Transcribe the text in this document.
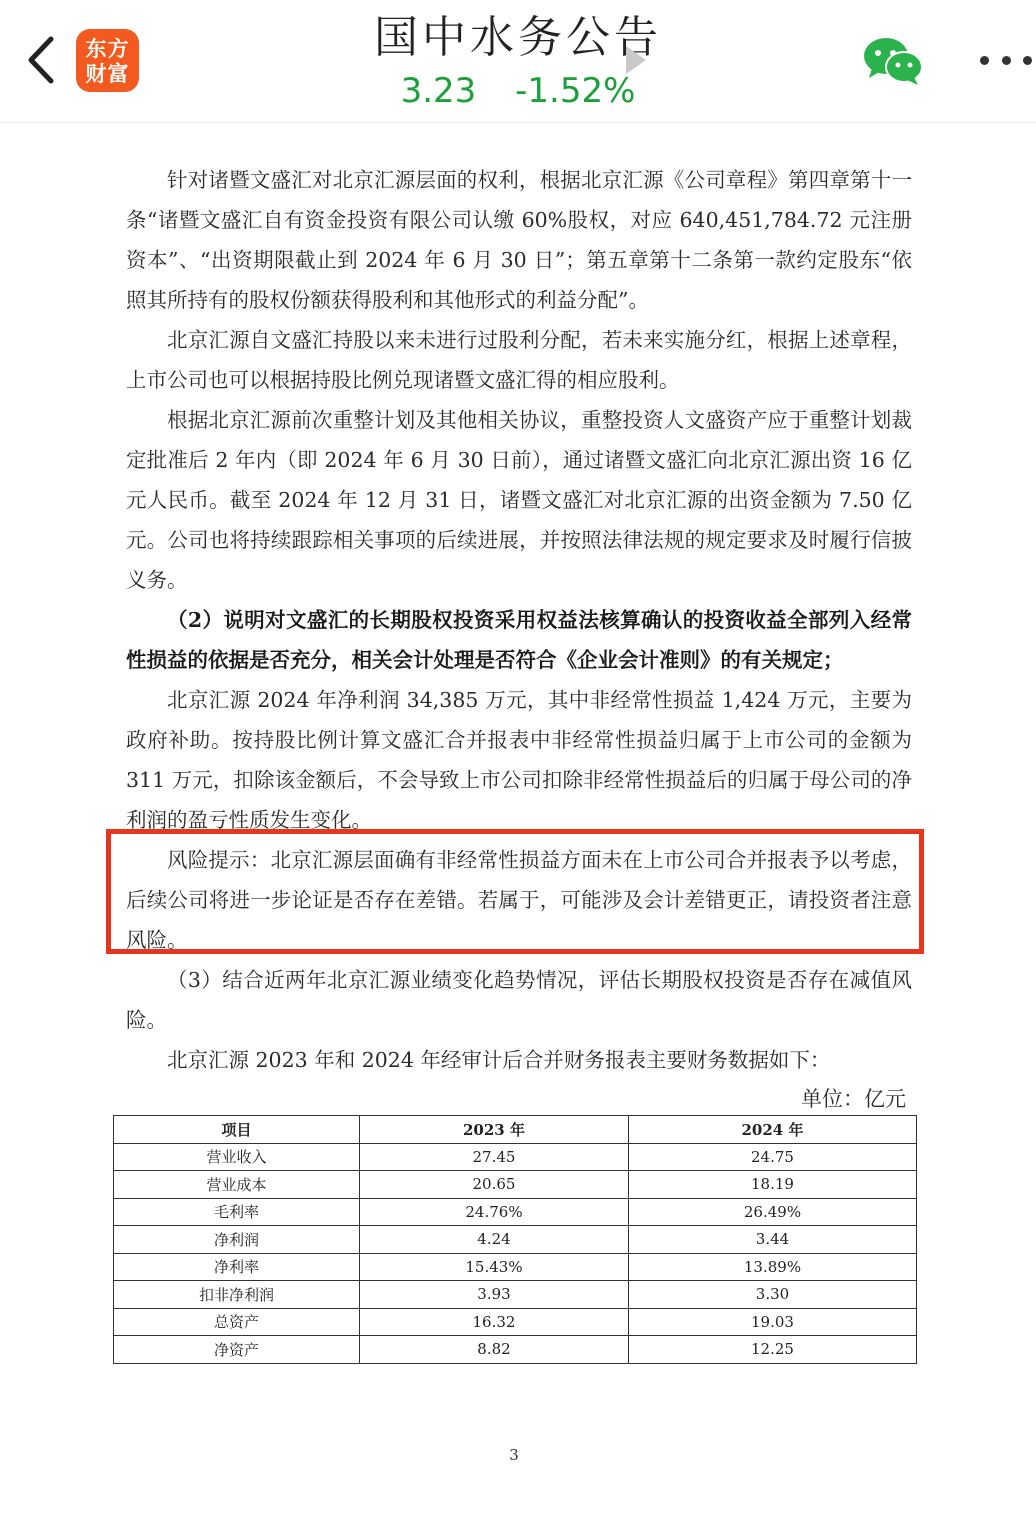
东方
财富
国中水务公告
3.23 -1.52%

针对诸暨文盛汇对北京汇源层面的权利，根据北京汇源《公司章程》第四章第十一条“诸暨文盛汇自有资金投资有限公司认缴 60%股权，对应 640,451,784.72 元注册资本”、“出资期限截止到 2024 年 6 月 30 日”；第五章第十二条第一款约定股东“依照其所持有的股权份额获得股利和其他形式的利益分配”。

北京汇源自文盛汇持股以来未进行过股利分配，若未来实施分红，根据上述章程，上市公司也可以根据持股比例兑现诸暨文盛汇得的相应股利。

根据北京汇源前次重整计划及其他相关协议，重整投资人文盛资产应于重整计划裁定批准后 2 年内（即 2024 年 6 月 30 日前），通过诸暨文盛汇向北京汇源出资 16 亿元人民币。截至 2024 年 12 月 31 日，诸暨文盛汇对北京汇源的出资金额为 7.50 亿元。公司也将持续跟踪相关事项的后续进展，并按照法律法规的规定要求及时履行信披义务。

（2）说明对文盛汇的长期股权投资采用权益法核算确认的投资收益全部列入经常性损益的依据是否充分，相关会计处理是否符合《企业会计准则》的有关规定；

北京汇源 2024 年净利润 34,385 万元，其中非经常性损益 1,424 万元，主要为政府补助。按持股比例计算文盛汇合并报表中非经常性损益归属于上市公司的金额为 311 万元，扣除该金额后，不会导致上市公司扣除非经常性损益后的归属于母公司的净利润的盈亏性质发生变化。

风险提示：北京汇源层面确有非经常性损益方面未在上市公司合并报表予以考虑，后续公司将进一步论证是否存在差错。若属于，可能涉及会计差错更正，请投资者注意风险。

（3）结合近两年北京汇源业绩变化趋势情况，评估长期股权投资是否存在减值风险。

北京汇源 2023 年和 2024 年经审计后合并财务报表主要财务数据如下：

单位：亿元
项目	2023 年	2024 年
营业收入	27.45	24.75
营业成本	20.65	18.19
毛利率	24.76%	26.49%
净利润	4.24	3.44
净利率	15.43%	13.89%
扣非净利润	3.93	3.30
总资产	16.32	19.03
净资产	8.82	12.25
3
